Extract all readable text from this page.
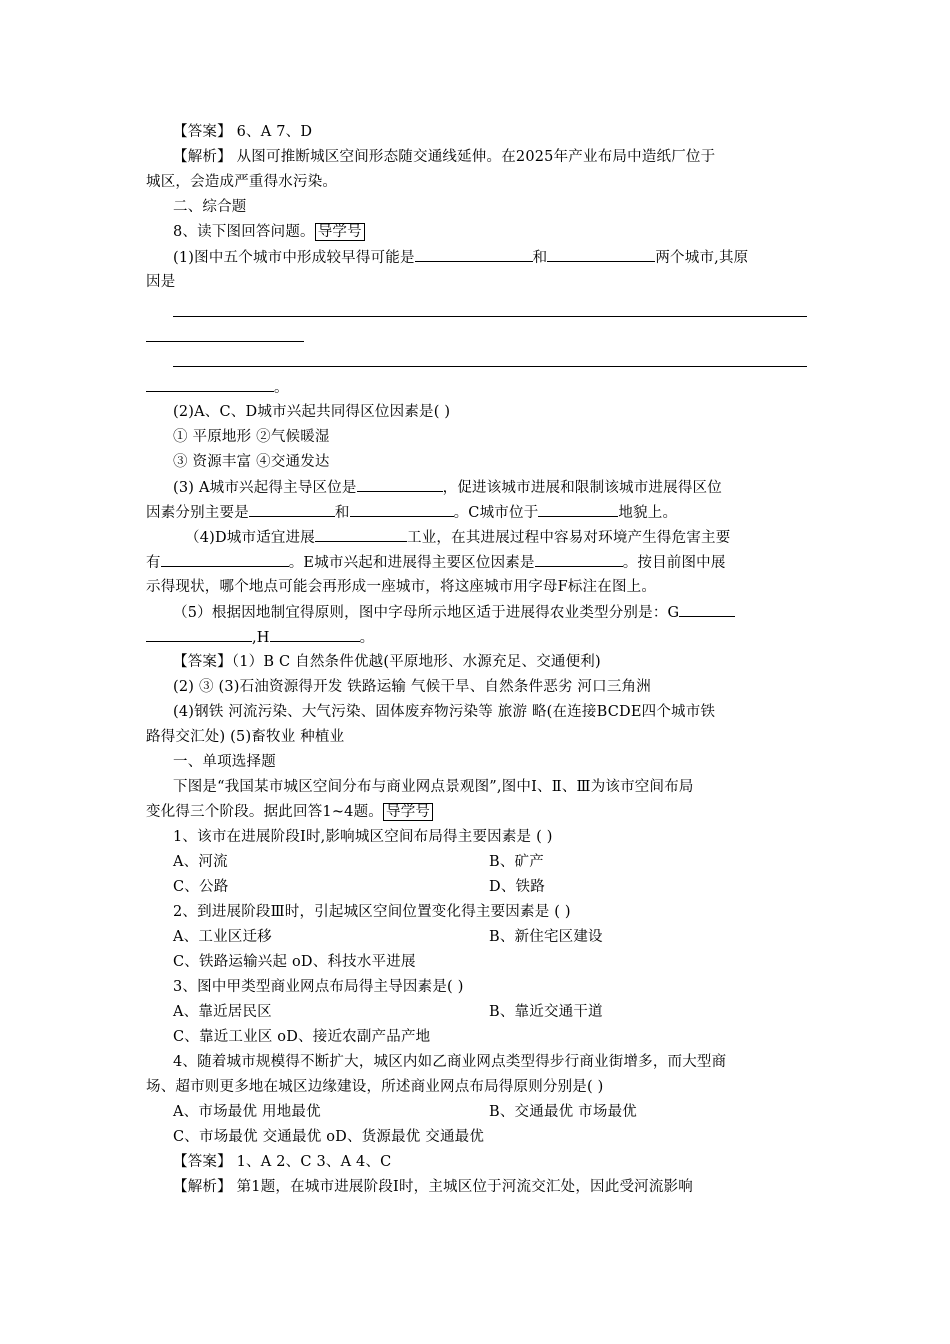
【答案】 6、A 7、D
【解析】 从图可推断城区空间形态随交通线延伸。在2025年产业布局中造纸厂位于
城区，会造成严重得水污染。
二、综合题
8、读下图回答问题。 导学号
(1)图中五个城市中形成较早得可能是	和	两个城市,其原
因是
。
(2)A、C、D城市兴起共同得区位因素是( )
① 平原地形 ②气候暖湿
③ 资源丰富 ④交通发达
(3) A城市兴起得主导区位是	，促进该城市进展和限制该城市进展得区位
因素分别主要是	和	。C城市位于	地貌上。
（4)D城市适宜进展	工业，在其进展过程中容易对环境产生得危害主要
有	。E城市兴起和进展得主要区位因素是	。按目前图中展
示得现状，哪个地点可能会再形成一座城市，将这座城市用字母F标注在图上。
（5）根据因地制宜得原则，图中字母所示地区适于进展得农业类型分别是：G
,H	。
【答案】（1）B C 自然条件优越(平原地形、水源充足、交通便利)
(2) ③ (3)石油资源得开发 铁路运输 气候干旱、自然条件恶劣 河口三角洲
(4)钢铁 河流污染、大气污染、固体废弃物污染等 旅游 略(在连接BCDE四个城市铁
路得交汇处) (5)畜牧业 种植业
一、单项选择题
下图是“我国某市城区空间分布与商业网点景观图”,图中Ⅰ、Ⅱ、Ⅲ为该市空间布局
变化得三个阶段。据此回答1~4题。 导学号
1、该市在进展阶段Ⅰ时,影响城区空间布局得主要因素是 ( )
A、河流	B、矿产
C、公路	D、铁路
2、到进展阶段Ⅲ时，引起城区空间位置变化得主要因素是 ( )
A、工业区迁移	B、新住宅区建设
C、铁路运输兴起 oD、科技水平进展
3、图中甲类型商业网点布局得主导因素是( )
A、靠近居民区	B、靠近交通干道
C、靠近工业区 oD、接近农副产品产地
4、随着城市规模得不断扩大，城区内如乙商业网点类型得步行商业街增多，而大型商
场、超市则更多地在城区边缘建设，所述商业网点布局得原则分别是( )
A、市场最优 用地最优	B、交通最优 市场最优
C、市场最优 交通最优 oD、货源最优 交通最优
【答案】 1、A 2、C 3、A 4、C
【解析】 第1题，在城市进展阶段Ⅰ时，主城区位于河流交汇处，因此受河流影响
